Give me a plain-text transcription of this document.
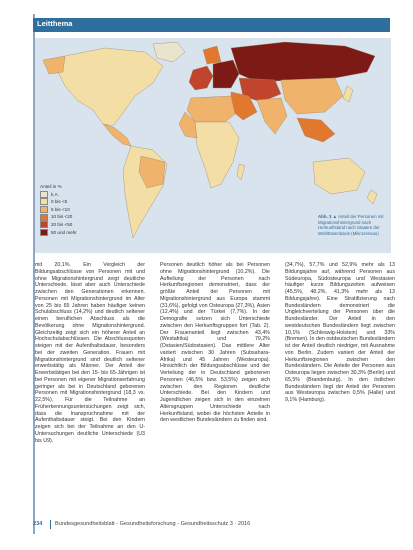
Leitthema
Anteil in %
k.A.
0 bis <5
5 bis <10
10 bis <20
20 bis <50
50 und mehr
Abb. 3 ▲ Anteil der Personen mit Migrationshintergrund nach Herkunftsland nach Staaten der Welt/Datenbasis (Mikrozensus)

mit 20,1%. Ein Vergleich der Bildungsabschlüsse von Personen mit und ohne Migrationshintergrund zeigt deutliche Unterschiede, lässt aber auch Unterschiede zwischen den Generationen erkennen. Personen mit Migrationshintergrund im Alter von 25 bis 65 Jahren haben häufiger keinen Schulabschluss (14,2%) und deutlich seltener einen beruflichen Abschluss als die Bevölkerung ohne Migrationshintergrund. Gleichzeitig zeigt sich ein höherer Anteil an Hochschulabschlüssen. Die Abschlussquoten steigen mit der Aufenthaltsdauer, besonders bei der zweiten Generation. Frauen mit Migrationshintergrund sind deutlich seltener erwerbstätig als Männer. Der Anteil der Erwerbstätigen bei den 15- bis 65-Jährigen ist bei Personen mit eigener Migrationserfahrung geringer als bei in Deutschland geborenen Personen mit Migrationshintergrund (18,3 vs. 22,5%). Für die Teilnahme an Früherkennungsuntersuchungen zeigt sich, dass die Inanspruchnahme mit der Aufenthaltsdauer steigt. Bei den Kindern zeigen sich bei der Teilnahme an den U-Untersuchungen deutliche Unterschiede (U3 bis U9).

Personen deutlich höher als bei Personen ohne Migrationshintergrund (10,2%). Die Aufteilung der Personen nach Herkunftsregionen demonstriert, dass der größte Anteil der Personen mit Migrationshintergrund aus Europa stammt (31,6%), gefolgt von Osteuropa (27,3%), Asien (12,4%) und der Türkei (7,7%). In der Demografie setzen sich Unterschiede zwischen den Herkunftsgruppen fort (Tab. 2). Der Frauenanteil liegt zwischen 43,4% (Westafrika) und 79,2% (Ostasien/Südostasien). Das mittlere Alter variiert zwischen 30 Jahren (Subsahara-Afrika) und 45 Jahren (Westeuropa). Hinsichtlich der Bildungsabschlüsse und der Verteilung der in Deutschland geborenen Personen (46,5% bzw. 53,5%) zeigen sich zwischen den Regionen deutliche Unterschiede. Bei den Kindern und Jugendlichen zeigen sich in den einzelnen Altersgruppen Unterschiede nach Herkunftsland, wobei die höchsten Anteile in den westlichen Bundesländern zu finden sind.

(34,7%), 57,7% und 52,9% mehr als 13 Bildungsjahre auf, während Personen aus Südeuropa, Südosteuropa und Westasien häufiger kurze Bildungszeiten aufweisen (45,5%, 48,2%, 41,3% mehr als 13 Bildungsjahre). Eine Stratifizierung nach Bundesländern demonstriert die Ungleichverteilung der Personen über die Bundesländer. Der Anteil in den westdeutschen Bundesländern liegt zwischen 10,1% (Schleswig-Holstein) und 33% (Bremen). In den ostdeutschen Bundesländern ist der Anteil deutlich niedriger, mit Ausnahme von Berlin. Zudem variiert der Anteil der Herkunftsregionen zwischen den Bundesländern. Die Anteile der Personen aus Osteuropa liegen zwischen 30,3% (Berlin) und 65,5% (Brandenburg). In den östlichen Bundesländern liegt der Anteil der Personen aus Westeuropa zwischen 0,5% (Halle) und 9,1% (Hamburg).

234 Bundesgesundheitsblatt - Gesundheitsforschung - Gesundheitsschutz 3 · 2016
